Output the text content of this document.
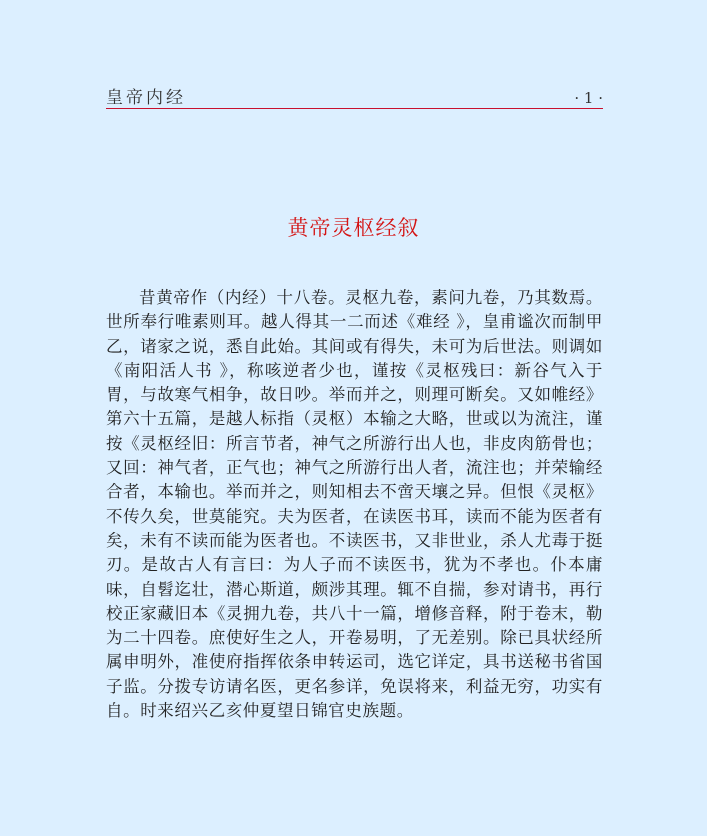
皇帝内经	· 1 ·
黄帝灵枢经叙

昔黄帝作（内经）十八卷。灵枢九卷，素问九卷，乃其数焉。世所奉行唯素则耳。越人得其一二而述《难经 》，皇甫谧次而制甲乙，诸家之说，悉自此始。其间或有得失，未可为后世法。则调如《南阳活人书 》，称咳逆者少也，谨按《灵枢残曰：新谷气入于胃，与故寒气相争，故日吵。举而并之，则理可断矣。又如帷经》第六十五篇，是越人标指（灵枢）本输之大略，世或以为流注，谨按《灵枢经旧：所言节者，神气之所游行出人也，非皮肉筋骨也；又回：神气者，正气也；神气之所游行出人者，流注也；并荣输经合者，本输也。举而并之，则知相去不啻天壤之异。但恨《灵枢》不传久矣，世莫能究。夫为医者，在读医书耳，读而不能为医者有矣，未有不读而能为医者也。不读医书，又非世业，杀人尤毒于挺刃。是故古人有言曰：为人子而不读医书，犹为不孝也。仆本庸味，自髫迄壮，潜心斯道，颇涉其理。辄不自揣，参对请书，再行校正家藏旧本《灵拥九卷，共八十一篇，增修音释，附于卷末，勒为二十四卷。庶使好生之人，开卷易明，了无差别。除已具状经所属申明外，准使府指挥依条申转运司，选它详定，具书送秘书省国子监。分拨专访请名医，更名参详，免误将来，利益无穷，功实有自。时来绍兴乙亥仲夏望日锦官史族题。
